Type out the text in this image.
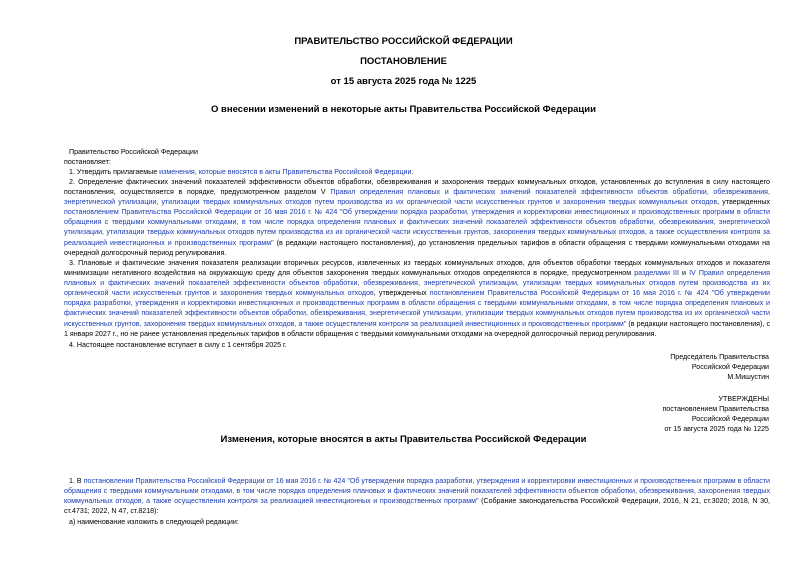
ПРАВИТЕЛЬСТВО РОССИЙСКОЙ ФЕДЕРАЦИИ
ПОСТАНОВЛЕНИЕ
от 15 августа 2025 года № 1225
О внесении изменений в некоторые акты Правительства Российской Федерации
Правительство Российской Федерации
постановляет:
1. Утвердить прилагаемые изменения, которые вносятся в акты Правительства Российской Федерации.
2. Определение фактических значений показателей эффективности объектов обработки, обезвреживания и захоронения твердых коммунальных отходов, установленных до вступления в силу настоящего постановления, осуществляется в порядке, предусмотренном разделом V Правил определения плановых и фактических значений показателей эффективности объектов обработки, обезвреживания, энергетической утилизации, утилизации твердых коммунальных отходов путем производства из их органической части искусственных грунтов и захоронения твердых коммунальных отходов, утвержденных постановлением Правительства Российской Федерации от 16 мая 2016 г. № 424 "Об утверждении порядка разработки, утверждения и корректировки инвестиционных и производственных программ в области обращения с твердыми коммунальными отходами, в том числе порядка определения плановых и фактических значений показателей эффективности объектов обработки, обезвреживания, энергетической утилизации, утилизации твердых коммунальных отходов путем производства из их органической части искусственных грунтов, захоронения твердых коммунальных отходов, а также осуществления контроля за реализацией инвестиционных и производственных программ" (в редакции настоящего постановления), до установления предельных тарифов в области обращения с твердыми коммунальными отходами на очередной долгосрочный период регулирования.
3. Плановые и фактические значения показателя реализации вторичных ресурсов, извлеченных из твердых коммунальных отходов, для объектов обработки твердых коммунальных отходов и показателя минимизации негативного воздействия на окружающую среду для объектов захоронения твердых коммунальных отходов определяются в порядке, предусмотренном разделами III и IV Правил определения плановых и фактических значений показателей эффективности объектов обработки, обезвреживания, энергетической утилизации, утилизации твердых коммунальных отходов путем производства из их органической части искусственных грунтов и захоронения твердых коммунальных отходов, утвержденных постановлением Правительства Российской Федерации от 16 мая 2016 г. № 424 "Об утверждении порядка разработки, утверждения и корректировки инвестиционных и производственных программ в области обращения с твердыми коммунальными отходами, в том числе порядка определения плановых и фактических значений показателей эффективности объектов обработки, обезвреживания, энергетической утилизации, утилизации твердых коммунальных отходов путем производства из их органической части искусственных грунтов, захоронения твердых коммунальных отходов, а также осуществления контроля за реализацией инвестиционных и производственных программ" (в редакции настоящего постановления), с 1 января 2027 г., но не ранее установления предельных тарифов в области обращения с твердыми коммунальными отходами на очередной долгосрочный период регулирования.
4. Настоящее постановление вступает в силу с 1 сентября 2025 г.
Председатель Правительства
Российской Федерации
М.Мишустин
УТВЕРЖДЕНЫ
постановлением Правительства
Российской Федерации
от 15 августа 2025 года № 1225
Изменения, которые вносятся в акты Правительства Российской Федерации
1. В постановлении Правительства Российской Федерации от 16 мая 2016 г. № 424 "Об утверждении порядка разработки, утверждения и корректировки инвестиционных и производственных программ в области обращения с твердыми коммунальными отходами, в том числе порядка определения плановых и фактических значений показателей эффективности объектов обработки, обезвреживания, захоронения твердых коммунальных отходов, а также осуществления контроля за реализацией инвестиционных и производственных программ" (Собрание законодательства Российской Федерации, 2016, N 21, ст.3020; 2018, N 30, ст.4731; 2022, N 47, ст.8218):
а) наименование изложить в следующей редакции:
